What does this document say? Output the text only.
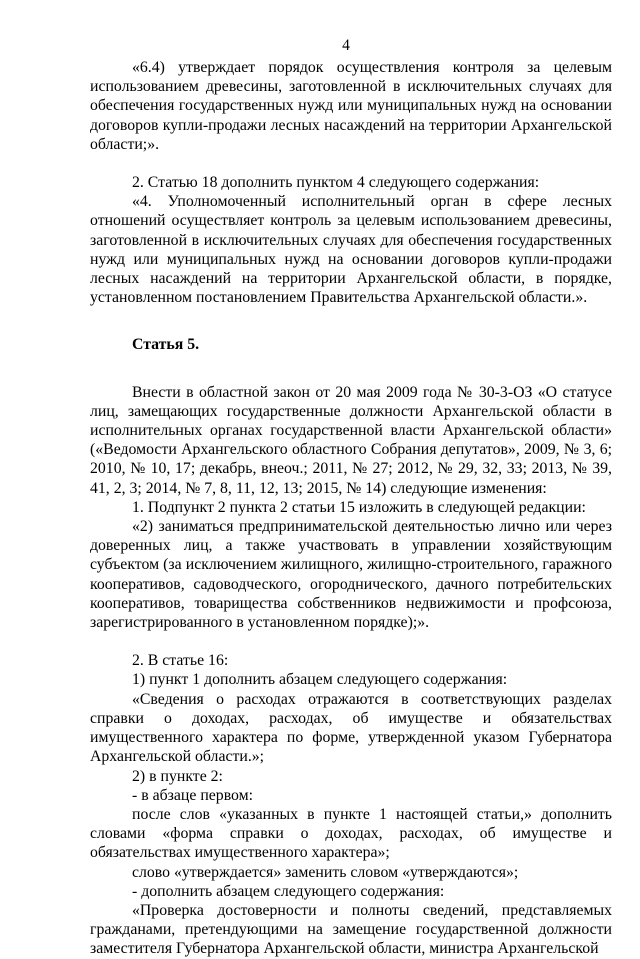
4

«6.4) утверждает порядок осуществления контроля за целевым использованием древесины, заготовленной в исключительных случаях для обеспечения государственных нужд или муниципальных нужд на основании договоров купли-продажи лесных насаждений на территории Архангельской области;».

2. Статью 18 дополнить пунктом 4 следующего содержания:

«4. Уполномоченный исполнительный орган в сфере лесных отношений осуществляет контроль за целевым использованием древесины, заготовленной в исключительных случаях для обеспечения государственных нужд или муниципальных нужд на основании договоров купли-продажи лесных насаждений на территории Архангельской области, в порядке, установленном постановлением Правительства Архангельской области.».

Статья 5.

Внести в областной закон от 20 мая 2009 года № 30-3-ОЗ «О статусе лиц, замещающих государственные должности Архангельской области в исполнительных органах государственной власти Архангельской области» («Ведомости Архангельского областного Собрания депутатов», 2009, № 3, 6; 2010, № 10, 17; декабрь, внеоч.; 2011, № 27; 2012, № 29, 32, 33; 2013, № 39, 41, 2, 3; 2014, № 7, 8, 11, 12, 13; 2015, № 14) следующие изменения:

1. Подпункт 2 пункта 2 статьи 15 изложить в следующей редакции:

«2) заниматься предпринимательской деятельностью лично или через доверенных лиц, а также участвовать в управлении хозяйствующим субъектом (за исключением жилищного, жилищно-строительного, гаражного кооперативов, садоводческого, огороднического, дачного потребительских кооперативов, товарищества собственников недвижимости и профсоюза, зарегистрированного в установленном порядке);».

2. В статье 16:

1) пункт 1 дополнить абзацем следующего содержания:

«Сведения о расходах отражаются в соответствующих разделах справки о доходах, расходах, об имуществе и обязательствах имущественного характера по форме, утвержденной указом Губернатора Архангельской области.»;

2) в пункте 2:

- в абзаце первом:

после слов «указанных в пункте 1 настоящей статьи,» дополнить словами «форма справки о доходах, расходах, об имуществе и обязательствах имущественного характера»;

слово «утверждается» заменить словом «утверждаются»;

- дополнить абзацем следующего содержания:

«Проверка достоверности и полноты сведений, представляемых гражданами, претендующими на замещение государственной должности заместителя Губернатора Архангельской области, министра Архангельской
